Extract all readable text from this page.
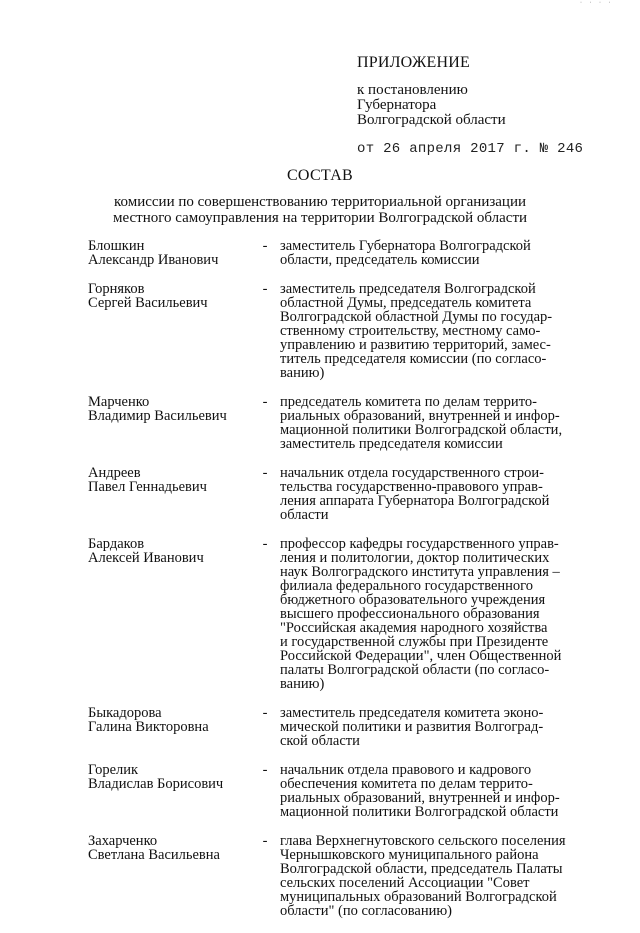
· · · ·
ПРИЛОЖЕНИЕ
к постановлению
Губернатора
Волгоградской области
от 26 апреля 2017 г. № 246
СОСТАВ
комиссии по совершенствованию территориальной организации
местного самоуправления на территории Волгоградской области
Блошкин
Александр Иванович
- заместитель Губернатора Волгоградской
области, председатель комиссии
Горняков
Сергей Васильевич
- заместитель председателя Волгоградской
областной Думы, председатель комитета
Волгоградской областной Думы по государ-
ственному строительству, местному само-
управлению и развитию территорий, замес-
титель председателя комиссии (по согласо-
ванию)
Марченко
Владимир Васильевич
- председатель комитета по делам террито-
риальных образований, внутренней и инфор-
мационной политики Волгоградской области,
заместитель председателя комиссии
Андреев
Павел Геннадьевич
- начальник отдела государственного строи-
тельства государственно-правового управ-
ления аппарата Губернатора Волгоградской
области
Бардаков
Алексей Иванович
- профессор кафедры государственного управ-
ления и политологии, доктор политических
наук Волгоградского института управления –
филиала федерального государственного
бюджетного образовательного учреждения
высшего профессионального образования
"Российская академия народного хозяйства
и государственной службы при Президенте
Российской Федерации", член Общественной
палаты Волгоградской области (по согласо-
ванию)
Быкадорова
Галина Викторовна
- заместитель председателя комитета эконо-
мической политики и развития Волгоград-
ской области
Горелик
Владислав Борисович
- начальник отдела правового и кадрового
обеспечения комитета по делам террито-
риальных образований, внутренней и инфор-
мационной политики Волгоградской области
Захарченко
Светлана Васильевна
- глава Верхнегнутовского сельского поселения
Чернышковского муниципального района
Волгоградской области, председатель Палаты
сельских поселений Ассоциации "Совет
муниципальных образований Волгоградской
области" (по согласованию)
